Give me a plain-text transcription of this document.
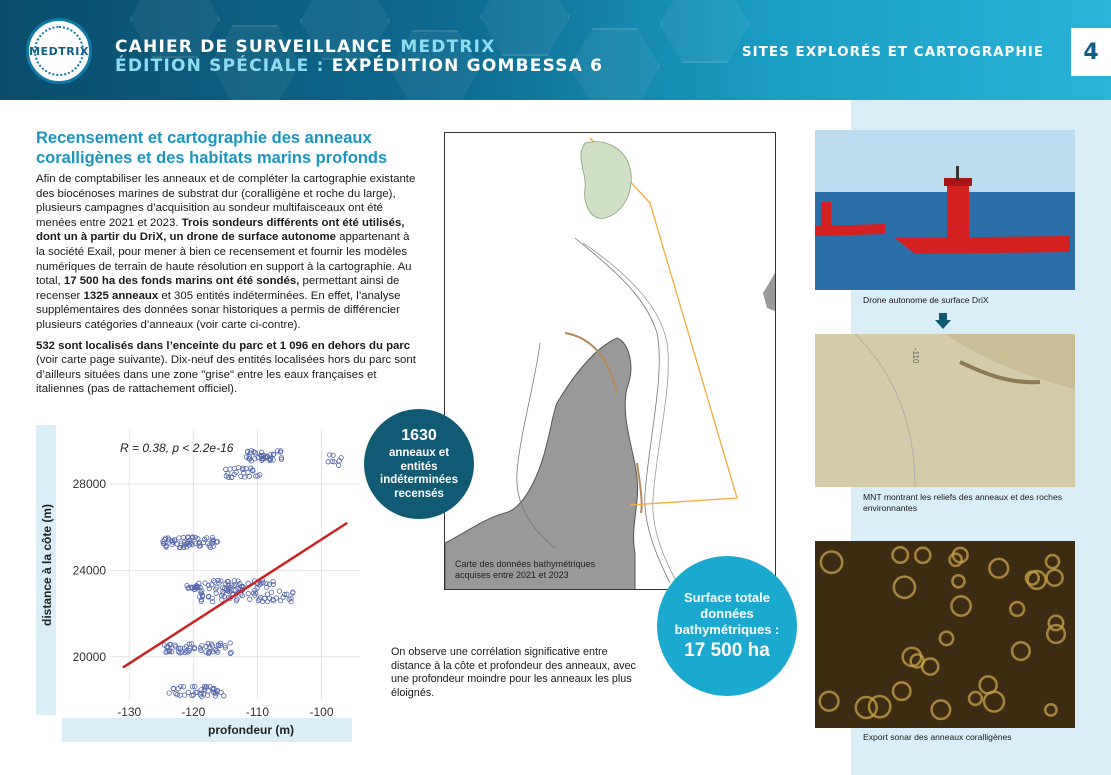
MEDTRIX CAHIER DE SURVEILLANCE MEDTRIX
ÉDITION SPÉCIALE : EXPÉDITION GOMBESSA 6
SITES EXPLORÉS ET CARTOGRAPHIE	4
Recensement et cartographie des anneaux coralligènes et des habitats marins profonds

Afin de comptabiliser les anneaux et de compléter la cartographie existante des biocénoses marines de substrat dur (coralligène et roche du large), plusieurs campagnes d’acquisition au sondeur multifaisceaux ont été menées entre 2021 et 2023. Trois sondeurs différents ont été utilisés, dont un à partir du DriX, un drone de surface autonome appartenant à la société Exail, pour mener à bien ce recensement et fournir les modèles numériques de terrain de haute résolution en support à la cartographie. Au total, 17 500 ha des fonds marins ont été sondés, permettant ainsi de recenser 1325 anneaux et 305 entités indéterminées. En effet, l’analyse supplémentaires des données sonar historiques a permis de différencier plusieurs catégories d’anneaux (voir carte ci-contre).

532 sont localisés dans l’enceinte du parc et 1 096 en dehors du parc (voir carte page suivante). Dix-neuf des entités localisées hors du parc sont d’ailleurs situées dans une zone "grise" entre les eaux françaises et italiennes (pas de rattachement officiel).

-130	-120	-110	-100
20000
24000
28000
R = 0.38, p < 2.2e-16
profondeur (m)
distance à la côte (m)	Carte des données bathymétriques acquises entre 2021 et 2023
1630
anneaux et entités indéterminées recensés
Surface totale données bathymétriques :
17 500 ha
On observe une corrélation significative entre distance à la côte et profondeur des anneaux, avec une profondeur moindre pour les anneaux les plus éloignés.
Drone autonome de surface DriX
-110
MNT montrant les reliefs des anneaux et des roches environnantes
Export sonar des anneaux coralligènes
